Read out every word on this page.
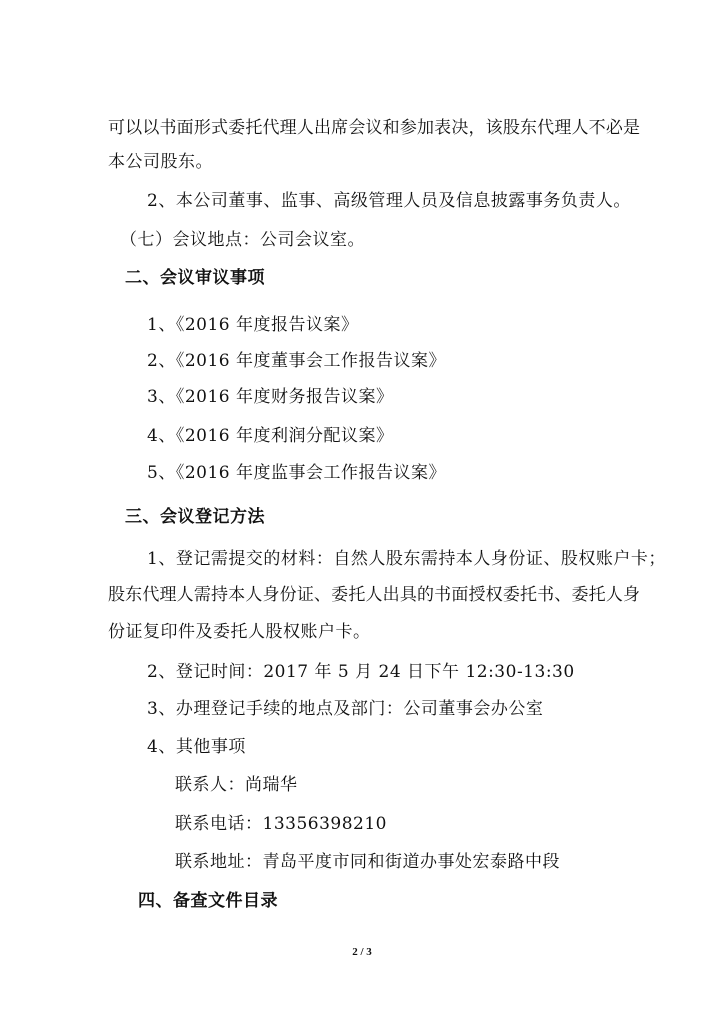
可以以书面形式委托代理人出席会议和参加表决，该股东代理人不必是
本公司股东。
2、本公司董事、监事、高级管理人员及信息披露事务负责人。
（七）会议地点：公司会议室。
二、会议审议事项
1、《2016 年度报告议案》
2、《2016 年度董事会工作报告议案》
3、《2016 年度财务报告议案》
4、《2016 年度利润分配议案》
5、《2016 年度监事会工作报告议案》
三、会议登记方法
1、登记需提交的材料：自然人股东需持本人身份证、股权账户卡；
股东代理人需持本人身份证、委托人出具的书面授权委托书、委托人身
份证复印件及委托人股权账户卡。
2、登记时间：2017 年 5 月 24 日下午 12:30-13:30
3、办理登记手续的地点及部门：公司董事会办公室
4、其他事项
联系人：尚瑞华
联系电话：13356398210
联系地址：青岛平度市同和街道办事处宏泰路中段
四、备查文件目录
2 / 3
